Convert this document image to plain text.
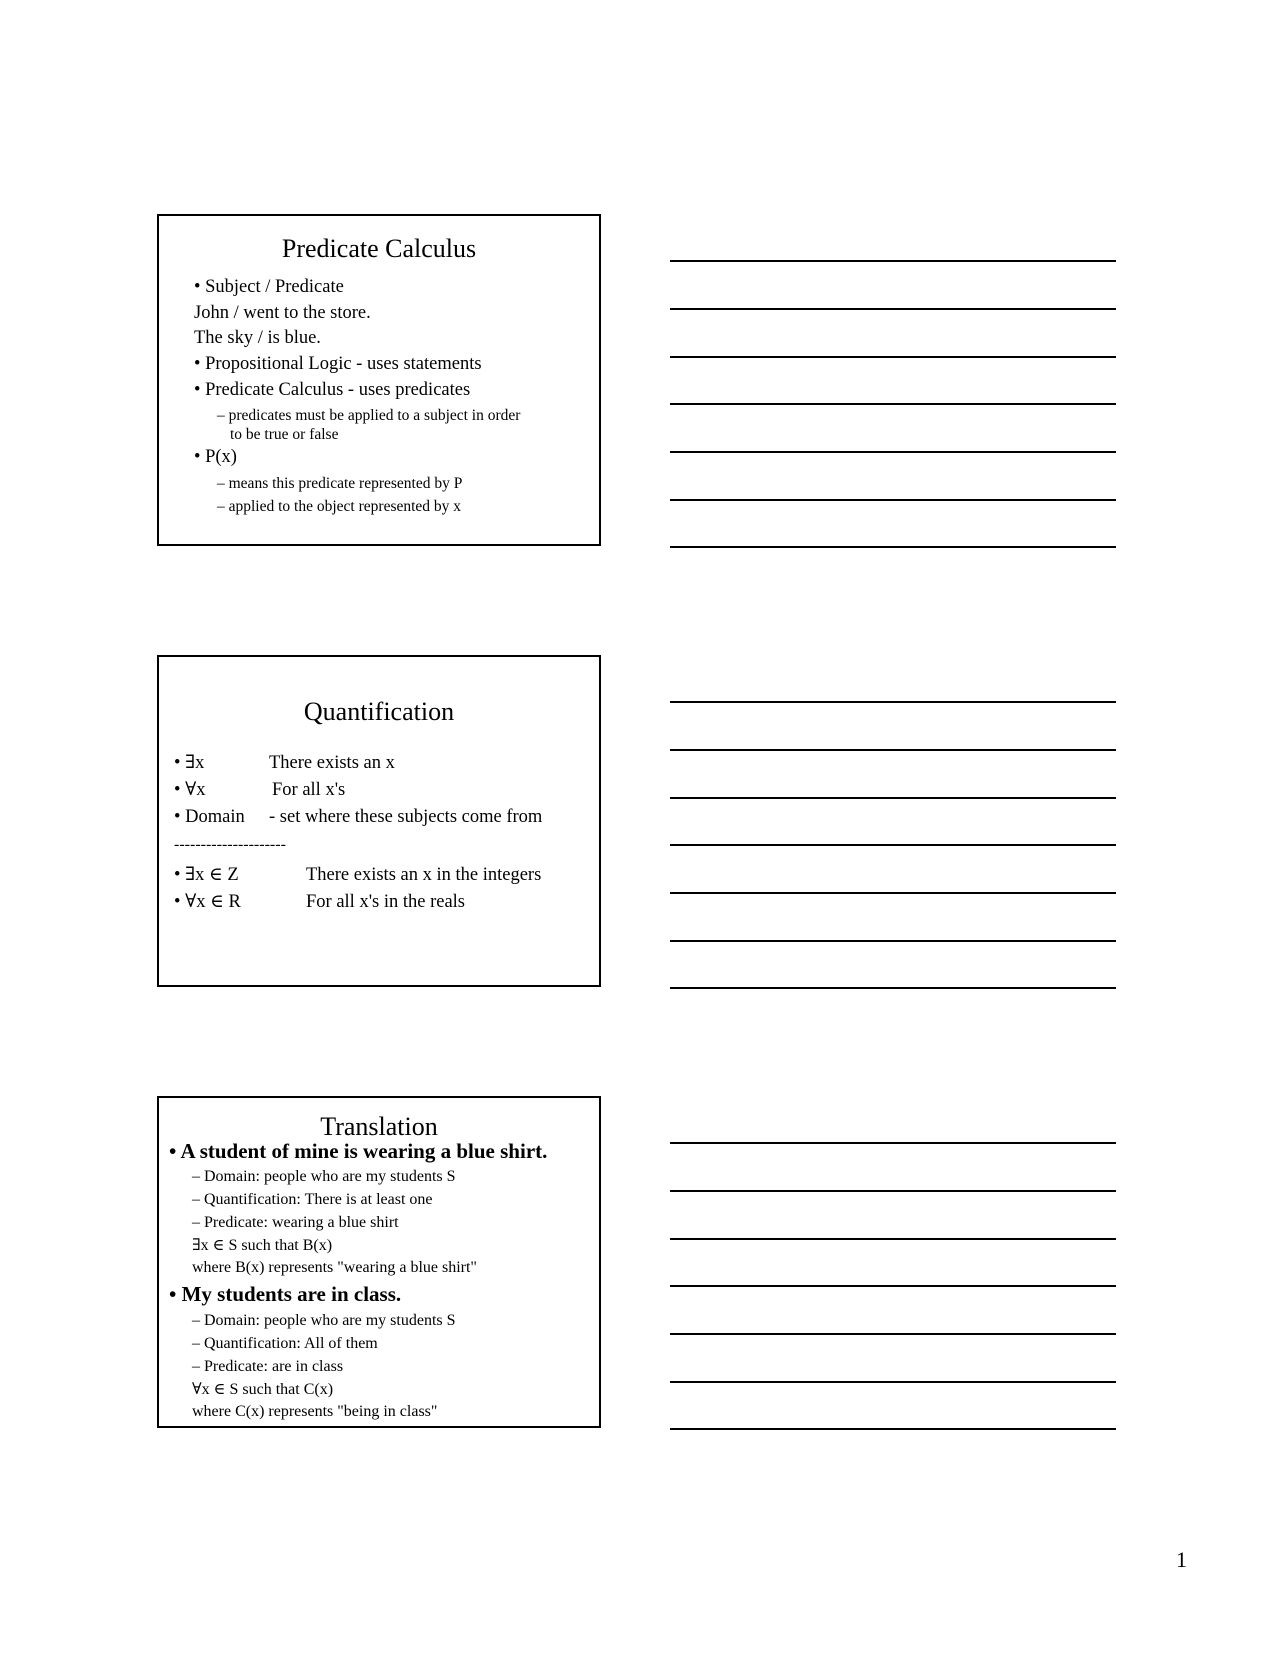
Predicate Calculus
• Subject / Predicate
John / went to the store.
The sky / is blue.
• Propositional Logic - uses statements
• Predicate Calculus - uses predicates
– predicates must be applied to a subject in order
to be true or false
• P(x)
– means this predicate represented by P
– applied to the object represented by x
Quantification
• ∃x	There exists an x
• ∀x	For all x's
• Domain - set where these subjects come from
---------------------
• ∃x ∈ Z	There exists an x in the integers
• ∀x ∈ R	For all x's in the reals
Translation
• A student of mine is wearing a blue shirt.
– Domain: people who are my students S
– Quantification: There is at least one
– Predicate: wearing a blue shirt
∃x ∈ S such that B(x)
where B(x) represents "wearing a blue shirt"
• My students are in class.
– Domain: people who are my students S
– Quantification: All of them
– Predicate: are in class
∀x ∈ S such that C(x)
where C(x) represents "being in class"
1
